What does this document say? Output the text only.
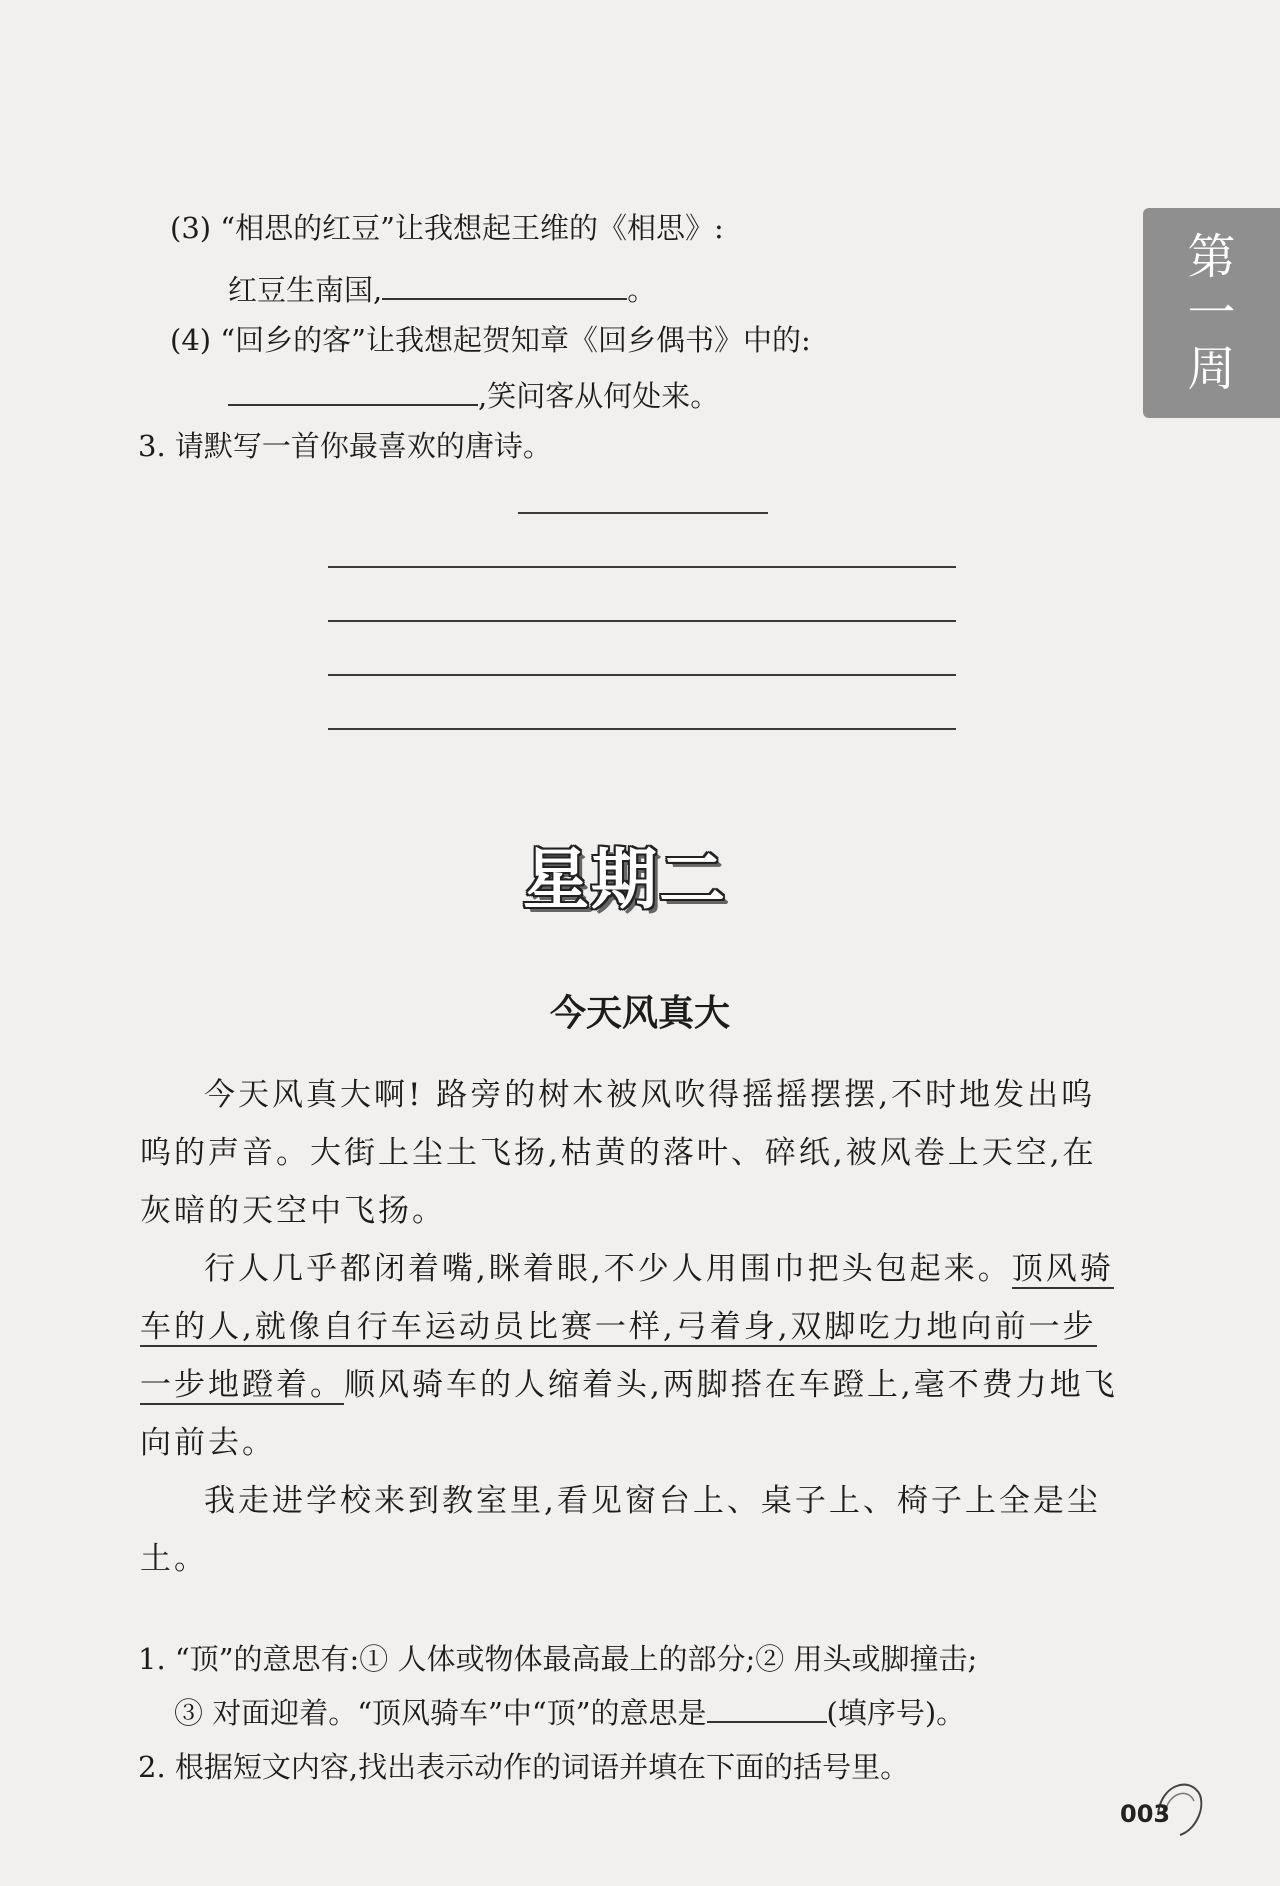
(3) “相思的红豆”让我想起王维的《相思》:
红豆生南国,	。
(4) “回乡的客”让我想起贺知章《回乡偶书》中的:
,笑问客从何处来。
3. 请默写一首你最喜欢的唐诗。
第
一
周
星期二
今天风真大

今天风真大啊! 路旁的树木被风吹得摇摇摆摆,不时地发出呜呜的声音。大街上尘土飞扬,枯黄的落叶、碎纸,被风卷上天空,在灰暗的天空中飞扬。

行人几乎都闭着嘴,眯着眼,不少人用围巾把头包起来。顶风骑车的人,就像自行车运动员比赛一样,弓着身,双脚吃力地向前一步一步地蹬着。顺风骑车的人缩着头,两脚搭在车蹬上,毫不费力地飞向前去。

我走进学校来到教室里,看见窗台上、桌子上、椅子上全是尘土。

1. “顶”的意思有:① 人体或物体最高最上的部分;② 用头或脚撞击;
③ 对面迎着。“顶风骑车”中“顶”的意思是	(填序号)。
2. 根据短文内容,找出表示动作的词语并填在下面的括号里。
003
